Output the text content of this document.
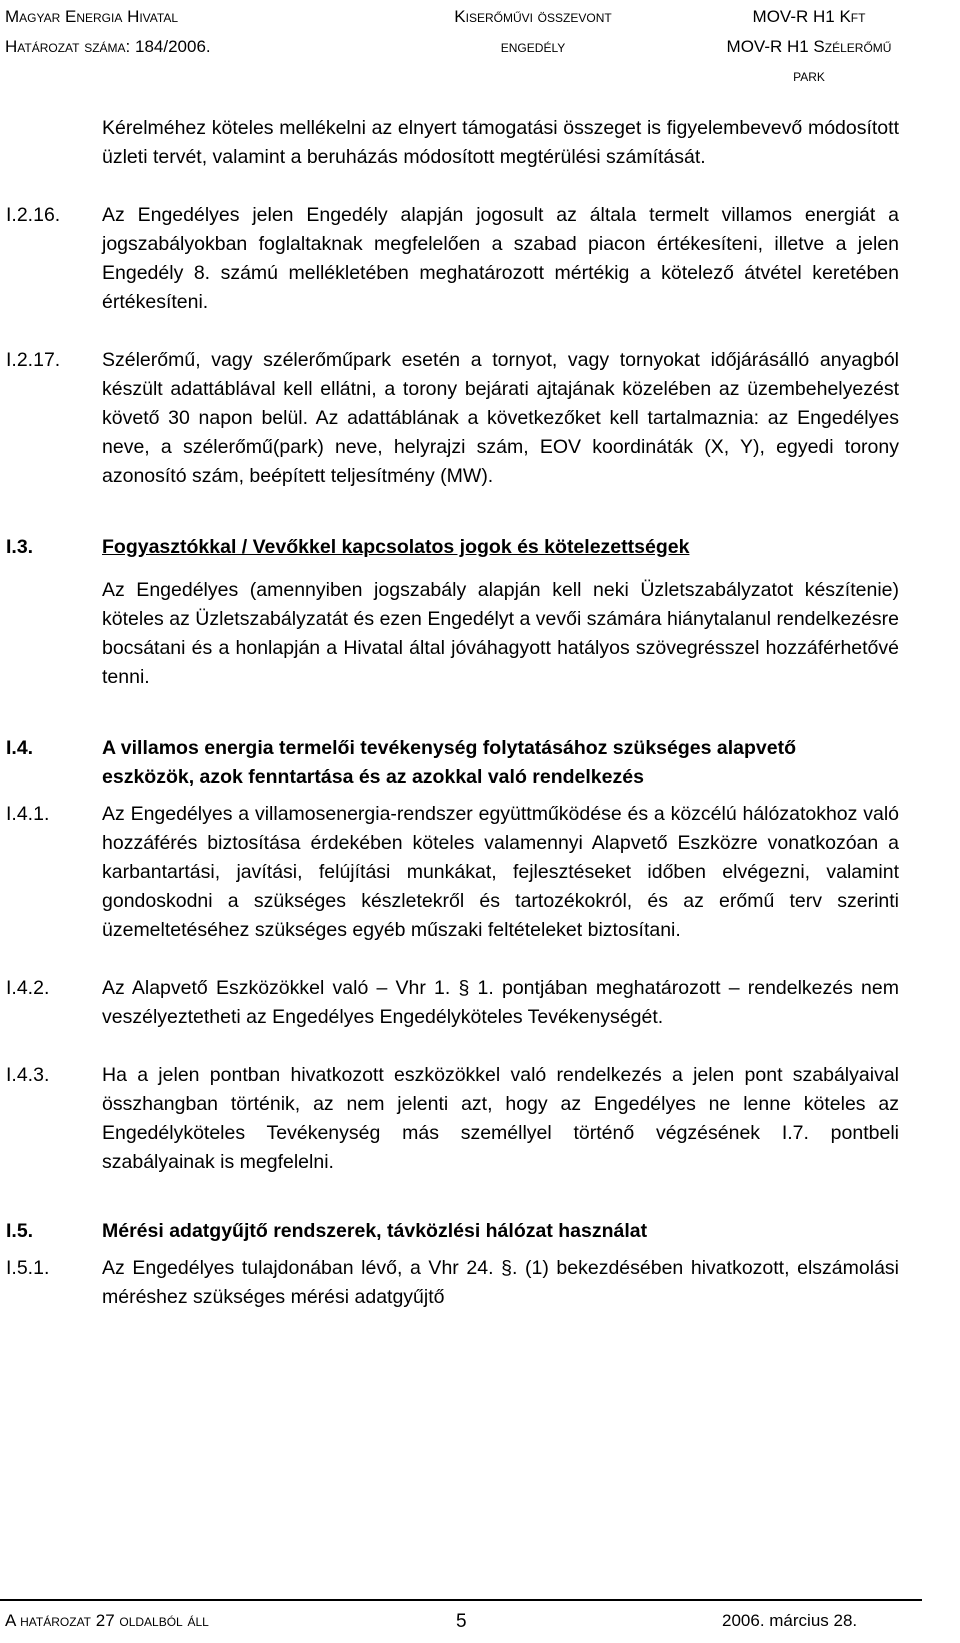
Magyar Energia Hivatal
Határozat száma: 184/2006.
Kiserőművi összevont
engedély
MOV-R H1 Kft
MOV-R H1 Szélerőmű
park
Kérelméhez köteles mellékelni az elnyert támogatási összeget is figyelembevevő módosított üzleti tervét, valamint a beruházás módosított megtérülési számítását.
I.2.16. Az Engedélyes jelen Engedély alapján jogosult az általa termelt villamos energiát a jogszabályokban foglaltaknak megfelelően a szabad piacon értékesíteni, illetve a jelen Engedély 8. számú mellékletében meghatározott mértékig a kötelező átvétel keretében értékesíteni.
I.2.17. Szélerőmű, vagy szélerőműpark esetén a tornyot, vagy tornyokat időjárásálló anyagból készült adattáblával kell ellátni, a torony bejárati ajtajának közelében az üzembehelyezést követő 30 napon belül. Az adattáblának a következőket kell tartalmaznia: az Engedélyes neve, a szélerőmű(park) neve, helyrajzi szám, EOV koordináták (X, Y), egyedi torony azonosító szám, beépített teljesítmény (MW).
I.3.	Fogyasztókkal / Vevőkkel kapcsolatos jogok és kötelezettségek
Az Engedélyes (amennyiben jogszabály alapján kell neki Üzletszabályzatot készítenie) köteles az Üzletszabályzatát és ezen Engedélyt a vevői számára hiánytalanul rendelkezésre bocsátani és a honlapján a Hivatal által jóváhagyott hatályos szövegrésszel hozzáférhetővé tenni.
I.4.	A villamos energia termelői tevékenység folytatásához szükséges alapvető eszközök, azok fenntartása és az azokkal való rendelkezés
I.4.1.	Az Engedélyes a villamosenergia-rendszer együttműködése és a közcélú hálózatokhoz való hozzáférés biztosítása érdekében köteles valamennyi Alapvető Eszközre vonatkozóan a karbantartási, javítási, felújítási munkákat, fejlesztéseket időben elvégezni, valamint gondoskodni a szükséges készletekről és tartozékokról, és az erőmű terv szerinti üzemeltetéséhez szükséges egyéb műszaki feltételeket biztosítani.
I.4.2.	Az Alapvető Eszközökkel való – Vhr 1. § 1. pontjában meghatározott – rendelkezés nem veszélyeztetheti az Engedélyes Engedélyköteles Tevékenységét.
I.4.3.	Ha a jelen pontban hivatkozott eszközökkel való rendelkezés a jelen pont szabályaival összhangban történik, az nem jelenti azt, hogy az Engedélyes ne lenne köteles az Engedélyköteles Tevékenység más személlyel történő végzésének I.7. pontbeli szabályainak is megfelelni.
I.5.	Mérési adatgyűjtő rendszerek, távközlési hálózat használat
I.5.1.	Az Engedélyes tulajdonában lévő, a Vhr 24. §. (1) bekezdésében hivatkozott, elszámolási méréshez szükséges mérési adatgyűjtő
A határozat 27 oldalból áll	5	2006. március 28.
